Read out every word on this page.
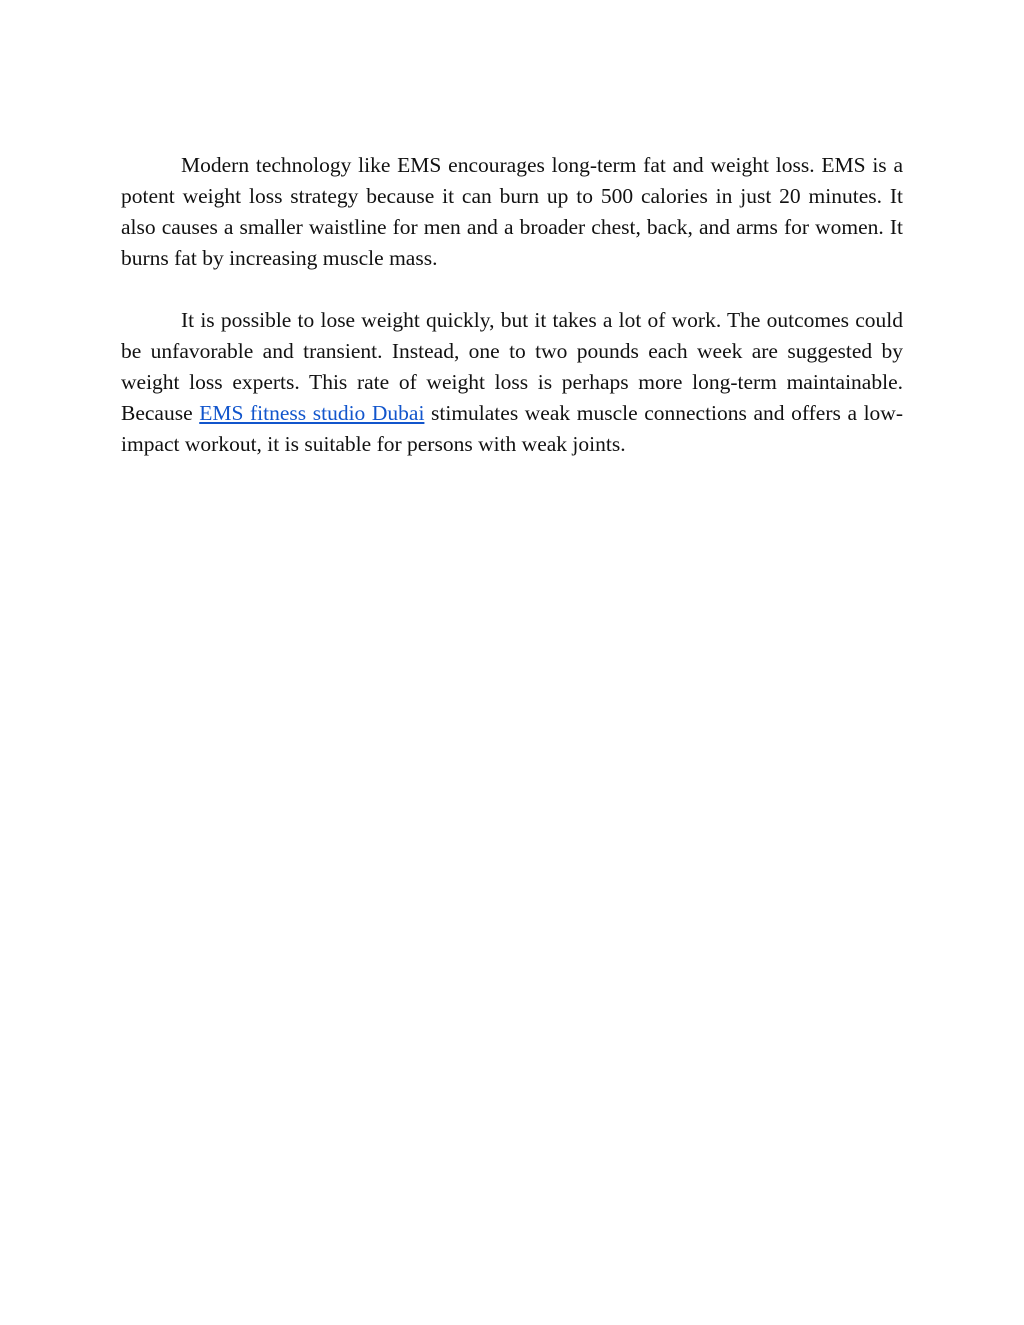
Modern technology like EMS encourages long-term fat and weight loss. EMS is a potent weight loss strategy because it can burn up to 500 calories in just 20 minutes. It also causes a smaller waistline for men and a broader chest, back, and arms for women. It burns fat by increasing muscle mass.

It is possible to lose weight quickly, but it takes a lot of work. The outcomes could be unfavorable and transient. Instead, one to two pounds each week are suggested by weight loss experts. This rate of weight loss is perhaps more long-term maintainable. Because EMS fitness studio Dubai stimulates weak muscle connections and offers a low-impact workout, it is suitable for persons with weak joints.
